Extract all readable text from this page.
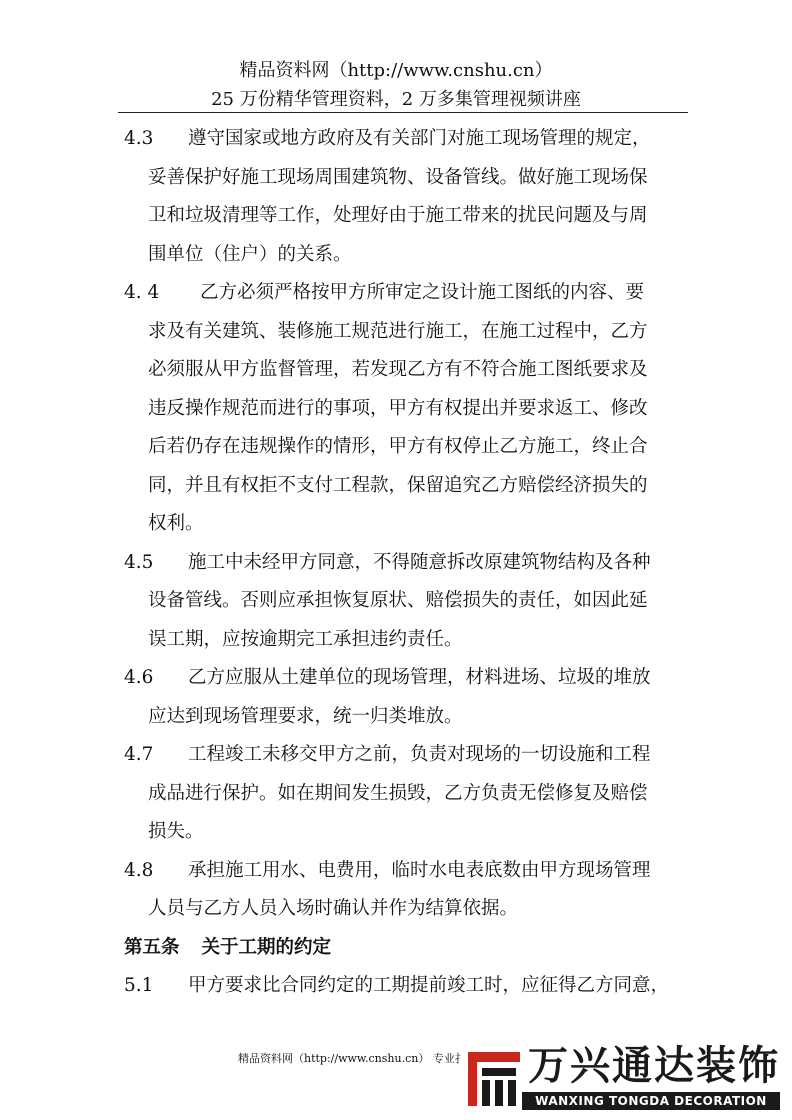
精品资料网（http://www.cnshu.cn）
25 万份精华管理资料，2 万多集管理视频讲座
4.3 遵守国家或地方政府及有关部门对施工现场管理的规定，
妥善保护好施工现场周围建筑物、设备管线。做好施工现场保
卫和垃圾清理等工作，处理好由于施工带来的扰民问题及与周
围单位（住户）的关系。
4. 4 乙方必须严格按甲方所审定之设计施工图纸的内容、要
求及有关建筑、装修施工规范进行施工，在施工过程中，乙方
必须服从甲方监督管理，若发现乙方有不符合施工图纸要求及
违反操作规范而进行的事项，甲方有权提出并要求返工、修改
后若仍存在违规操作的情形，甲方有权停止乙方施工，终止合
同，并且有权拒不支付工程款，保留追究乙方赔偿经济损失的
权利。
4.5 施工中未经甲方同意，不得随意拆改原建筑物结构及各种
设备管线。否则应承担恢复原状、赔偿损失的责任，如因此延
误工期，应按逾期完工承担违约责任。
4.6 乙方应服从土建单位的现场管理，材料进场、垃圾的堆放
应达到现场管理要求，统一归类堆放。
4.7 工程竣工未移交甲方之前，负责对现场的一切设施和工程
成品进行保护。如在期间发生损毁，乙方负责无偿修复及赔偿
损失。
4.8 承担施工用水、电费用，临时水电表底数由甲方现场管理
人员与乙方人员入场时确认并作为结算依据。
第五条 关于工期的约定
5.1 甲方要求比合同约定的工期提前竣工时，应征得乙方同意，
精品资料网（http://www.cnshu.cn） 专业扌 万兴通达装饰
WANXING TONGDA DECORATION
